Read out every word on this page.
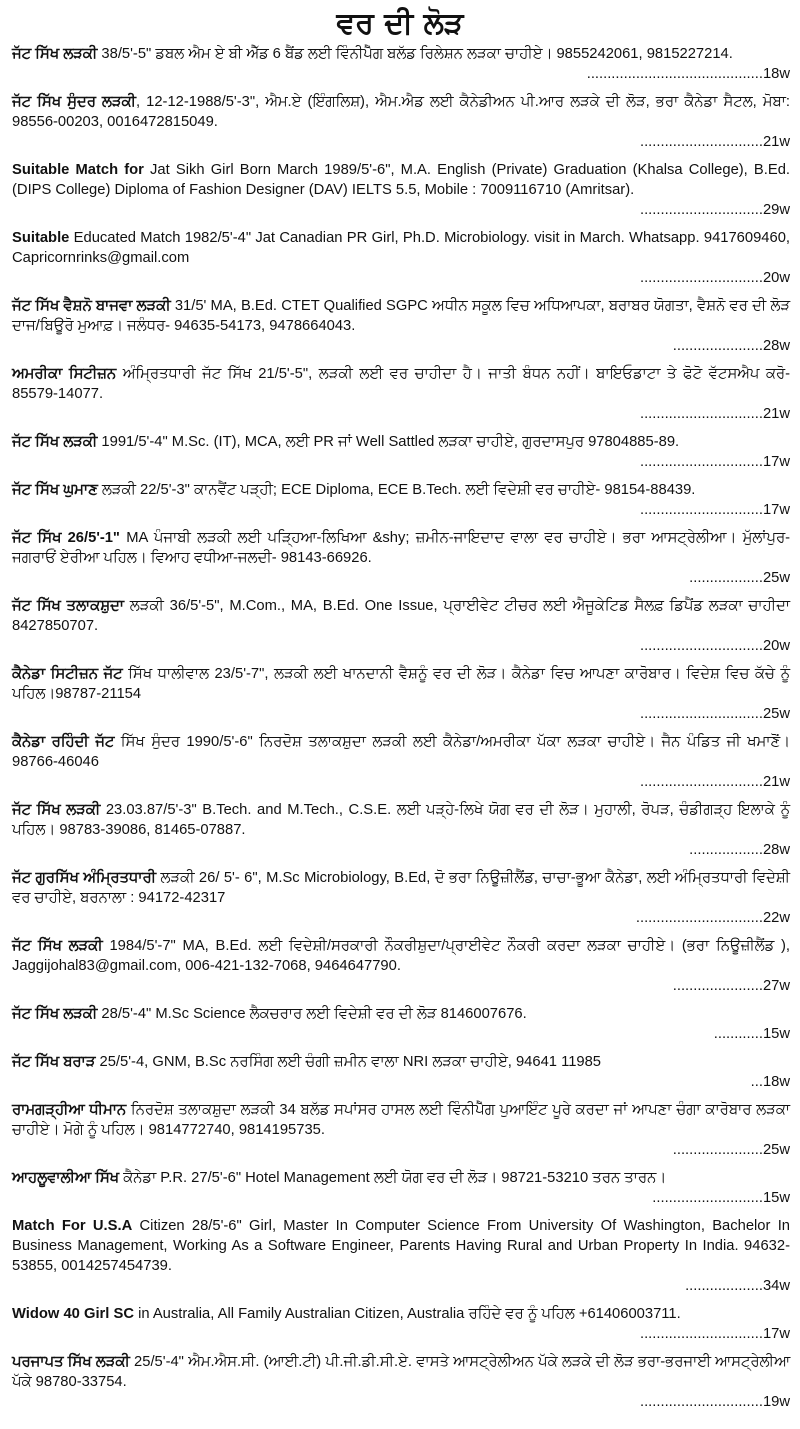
ਵਰ ਦੀ ਲੋੜ
ਜੱਟ ਸਿੱਖ ਲੜਕੀ 38/5'-5" ਡਬਲ ਐਮ ਏ ਬੀ ਐੱਡ 6 ਬੈਂਡ ਲਈ ਵਿੰਨੀਪੈੱਗ ਬਲੱਡ ਰਿਲੇਸ਼ਨ ਲੜਕਾ ਚਾਹੀਏ। 9855242061, 9815227214.
...........................................18w
ਜੱਟ ਸਿੱਖ ਸੁੰਦਰ ਲੜਕੀ, 12-12-1988/5'-3", ਐਮ.ਏ (ਇੰਗਲਿਸ਼), ਐਮ.ਐਡ ਲਈ ਕੈਨੇਡੀਅਨ ਪੀ.ਆਰ ਲੜਕੇ ਦੀ ਲੋੜ, ਭਰਾ ਕੈਨੇਡਾ ਸੈਟਲ, ਮੋਬਾ: 98556-00203, 0016472815049.
..............................21w
Suitable Match for Jat Sikh Girl Born March 1989/5'-6", M.A. English (Private) Graduation (Khalsa College), B.Ed. (DIPS College) Diploma of Fashion Designer (DAV) IELTS 5.5, Mobile : 7009116710 (Amritsar).
..............................29w
Suitable Educated Match 1982/5'-4" Jat Canadian PR Girl, Ph.D. Microbiology. visit in March. Whatsapp. 9417609460, Capricornrinks@gmail.com
..............................20w
ਜੱਟ ਸਿੱਖ ਵੈਸ਼ਨੋ ਬਾਜਵਾ ਲੜਕੀ 31/5' MA, B.Ed. CTET Qualified SGPC ਅਧੀਨ ਸਕੂਲ ਵਿਚ ਅਧਿਆਪਕਾ, ਬਰਾਬਰ ਯੋਗਤਾ, ਵੈਸ਼ਨੋ ਵਰ ਦੀ ਲੋੜ ਦਾਜ/ਬਿਊਰੋ ਮੁਆਫ਼। ਜਲੰਧਰ- 94635-54173, 9478664043.
......................28w
ਅਮਰੀਕਾ ਸਿਟੀਜ਼ਨ ਅੰਮ੍ਰਿਤਧਾਰੀ ਜੱਟ ਸਿੱਖ 21/5'-5", ਲੜਕੀ ਲਈ ਵਰ ਚਾਹੀਦਾ ਹੈ। ਜਾਤੀ ਬੰਧਨ ਨਹੀਂ। ਬਾਇਓਡਾਟਾ ਤੇ ਫੋਟੋ ਵੱਟਸਐਪ ਕਰੋ- 85579-14077.
..............................21w
ਜੱਟ ਸਿੱਖ ਲੜਕੀ 1991/5'-4" M.Sc. (IT), MCA, ਲਈ PR ਜਾਂ Well Sattled ਲੜਕਾ ਚਾਹੀਏ, ਗੁਰਦਾਸਪੁਰ 97804885-89.
..............................17w
ਜੱਟ ਸਿੱਖ ਘੁਮਾਣ ਲੜਕੀ 22/5'-3" ਕਾਨਵੈਂਟ ਪੜ੍ਹੀ; ECE Diploma, ECE B.Tech. ਲਈ ਵਿਦੇਸ਼ੀ ਵਰ ਚਾਹੀਏ- 98154-88439.
..............................17w
ਜੱਟ ਸਿੱਖ 26/5'-1" MA ਪੰਜਾਬੀ ਲੜਕੀ ਲਈ ਪੜ੍ਹਿਆ-ਲਿਖਿਆ &shy; ਜ਼ਮੀਨ-ਜਾਇਦਾਦ ਵਾਲਾ ਵਰ ਚਾਹੀਏ। ਭਰਾ ਆਸਟ੍ਰੇਲੀਆ। ਮੁੱਲਾਂਪੁਰ-ਜਗਰਾਓਂ ਏਰੀਆ ਪਹਿਲ। ਵਿਆਹ ਵਧੀਆ-ਜਲਦੀ- 98143-66926.
..................25w
ਜੱਟ ਸਿੱਖ ਤਲਾਕਸ਼ੁਦਾ ਲੜਕੀ 36/5'-5", M.Com., MA, B.Ed. One Issue, ਪ੍ਰਾਈਵੇਟ ਟੀਚਰ ਲਈ ਐਜੂਕੇਟਿਡ ਸੈਲਫ਼ ਡਿਪੈਂਡ ਲੜਕਾ ਚਾਹੀਦਾ 8427850707.
..............................20w
ਕੈਨੇਡਾ ਸਿਟੀਜ਼ਨ ਜੱਟ ਸਿੱਖ ਧਾਲੀਵਾਲ 23/5'-7", ਲੜਕੀ ਲਈ ਖਾਨਦਾਨੀ ਵੈਸ਼ਨੂੰ ਵਰ ਦੀ ਲੋੜ। ਕੈਨੇਡਾ ਵਿਚ ਆਪਣਾ ਕਾਰੋਬਾਰ। ਵਿਦੇਸ਼ ਵਿਚ ਕੱਚੇ ਨੂੰ ਪਹਿਲ।98787-21154
..............................25w
ਕੈਨੇਡਾ ਰਹਿੰਦੀ ਜੱਟ ਸਿੱਖ ਸੁੰਦਰ 1990/5'-6" ਨਿਰਦੋਸ਼ ਤਲਾਕਸ਼ੁਦਾ ਲੜਕੀ ਲਈ ਕੈਨੇਡਾ/ਅਮਰੀਕਾ ਪੱਕਾ ਲੜਕਾ ਚਾਹੀਏ। ਜੈਨ ਪੰਡਿਤ ਜੀ ਖਮਾਣੋਂ। 98766-46046
..............................21w
ਜੱਟ ਸਿੱਖ ਲੜਕੀ 23.03.87/5'-3" B.Tech. and M.Tech., C.S.E. ਲਈ ਪੜ੍ਹੇ-ਲਿਖੇ ਯੋਗ ਵਰ ਦੀ ਲੋੜ। ਮੁਹਾਲੀ, ਰੋਪੜ, ਚੰਡੀਗੜ੍ਹ ਇਲਾਕੇ ਨੂੰ ਪਹਿਲ। 98783-39086, 81465-07887.
..................28w
ਜੱਟ ਗੁਰਸਿੱਖ ਅੰਮ੍ਰਿਤਧਾਰੀ ਲੜਕੀ 26/ 5'- 6", M.Sc Microbiology, B.Ed, ਦੋ ਭਰਾ ਨਿਊਜ਼ੀਲੈਂਡ, ਚਾਚਾ-ਭੂਆ ਕੈਨੇਡਾ, ਲਈ ਅੰਮ੍ਰਿਤਧਾਰੀ ਵਿਦੇਸ਼ੀ ਵਰ ਚਾਹੀਏ, ਬਰਨਾਲਾ : 94172-42317
...............................22w
ਜੱਟ ਸਿੱਖ ਲੜਕੀ 1984/5'-7" MA, B.Ed. ਲਈ ਵਿਦੇਸ਼ੀ/ਸਰਕਾਰੀ ਨੌਕਰੀਸ਼ੁਦਾ/ਪ੍ਰਾਈਵੇਟ ਨੌਕਰੀ ਕਰਦਾ ਲੜਕਾ ਚਾਹੀਏ। (ਭਰਾ ਨਿਊਜ਼ੀਲੈਂਡ ), Jaggijohal83@gmail.com, 006-421-132-7068, 9464647790.
......................27w
ਜੱਟ ਸਿੱਖ ਲੜਕੀ 28/5'-4" M.Sc Science ਲੈਕਚਰਾਰ ਲਈ ਵਿਦੇਸ਼ੀ ਵਰ ਦੀ ਲੋੜ 8146007676.
............15w
ਜੱਟ ਸਿੱਖ ਬਰਾੜ 25/5'-4, GNM, B.Sc ਨਰਸਿੰਗ ਲਈ ਚੰਗੀ ਜ਼ਮੀਨ ਵਾਲਾ NRI ਲੜਕਾ ਚਾਹੀਏ, 94641 11985
...18w
ਰਾਮਗੜ੍ਹੀਆ ਧੀਮਾਨ ਨਿਰਦੋਸ਼ ਤਲਾਕਸ਼ੁਦਾ ਲੜਕੀ 34 ਬਲੱਡ ਸਪਾਂਸਰ ਹਾਸਲ ਲਈ ਵਿੰਨੀਪੈੱਗ ਪੁਆਇੰਟ ਪੂਰੇ ਕਰਦਾ ਜਾਂ ਆਪਣਾ ਚੰਗਾ ਕਾਰੋਬਾਰ ਲੜਕਾ ਚਾਹੀਏ। ਮੋਗੇ ਨੂੰ ਪਹਿਲ। 9814772740, 9814195735.
......................25w
ਆਹਲੂਵਾਲੀਆ ਸਿੱਖ ਕੈਨੇਡਾ P.R. 27/5'-6" Hotel Management ਲਈ ਯੋਗ ਵਰ ਦੀ ਲੋੜ। 98721-53210 ਤਰਨ ਤਾਰਨ।
...........................15w
Match For U.S.A Citizen 28/5'-6" Girl, Master In Computer Science From University Of Washington, Bachelor In Business Management, Working As a Software Engineer, Parents Having Rural and Urban Property In India. 94632-53855, 0014257454739.
...................34w
Widow 40 Girl SC in Australia, All Family Australian Citizen, Australia ਰਹਿੰਦੇ ਵਰ ਨੂੰ ਪਹਿਲ +61406003711.
..............................17w
ਪਰਜਾਪਤ ਸਿੱਖ ਲੜਕੀ 25/5'-4" ਐਮ.ਐਸ.ਸੀ. (ਆਈ.ਟੀ) ਪੀ.ਜੀ.ਡੀ.ਸੀ.ਏ. ਵਾਸਤੇ ਆਸਟ੍ਰੇਲੀਅਨ ਪੱਕੇ ਲੜਕੇ ਦੀ ਲੋੜ ਭਰਾ-ਭਰਜਾਈ ਆਸਟ੍ਰੇਲੀਆ ਪੱਕੇ 98780-33754.
..............................19w
